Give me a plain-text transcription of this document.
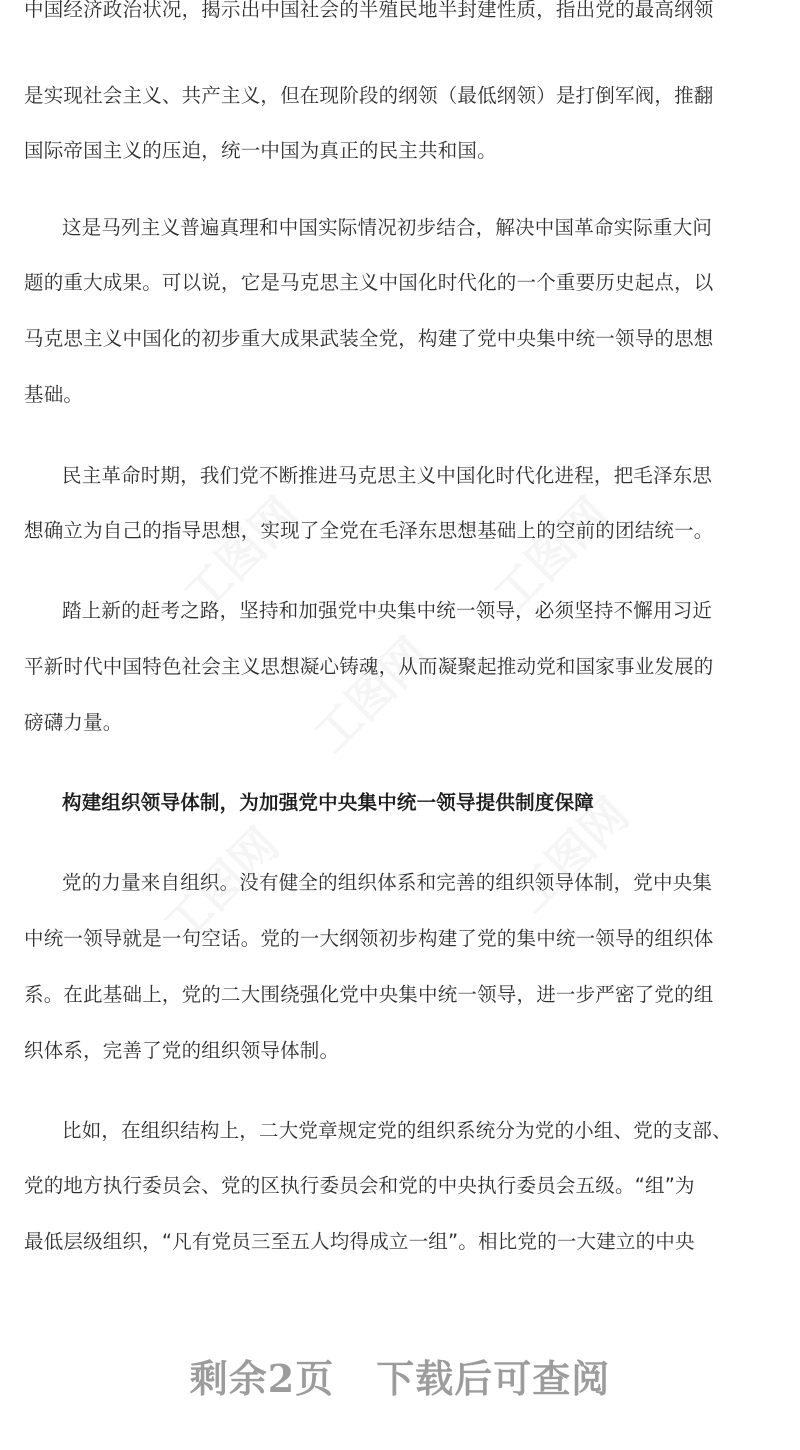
工图网	工图网
工图网
工图网	工图网
中国经济政治状况，揭示出中国社会的半殖民地半封建性质，指出党的最高纲领
是实现社会主义、共产主义，但在现阶段的纲领（最低纲领）是打倒军阀，推翻
国际帝国主义的压迫，统一中国为真正的民主共和国。
这是马列主义普遍真理和中国实际情况初步结合，解决中国革命实际重大问
题的重大成果。可以说，它是马克思主义中国化时代化的一个重要历史起点，以
马克思主义中国化的初步重大成果武装全党，构建了党中央集中统一领导的思想
基础。
民主革命时期，我们党不断推进马克思主义中国化时代化进程，把毛泽东思
想确立为自己的指导思想，实现了全党在毛泽东思想基础上的空前的团结统一。
踏上新的赶考之路，坚持和加强党中央集中统一领导，必须坚持不懈用习近
平新时代中国特色社会主义思想凝心铸魂，从而凝聚起推动党和国家事业发展的
磅礴力量。
构建组织领导体制，为加强党中央集中统一领导提供制度保障
党的力量来自组织。没有健全的组织体系和完善的组织领导体制，党中央集
中统一领导就是一句空话。党的一大纲领初步构建了党的集中统一领导的组织体
系。在此基础上，党的二大围绕强化党中央集中统一领导，进一步严密了党的组
织体系，完善了党的组织领导体制。
比如，在组织结构上，二大党章规定党的组织系统分为党的小组、党的支部、
党的地方执行委员会、党的区执行委员会和党的中央执行委员会五级。“组”为
最低层级组织，“凡有党员三至五人均得成立一组”。相比党的一大建立的中央
剩余2页 下载后可查阅
